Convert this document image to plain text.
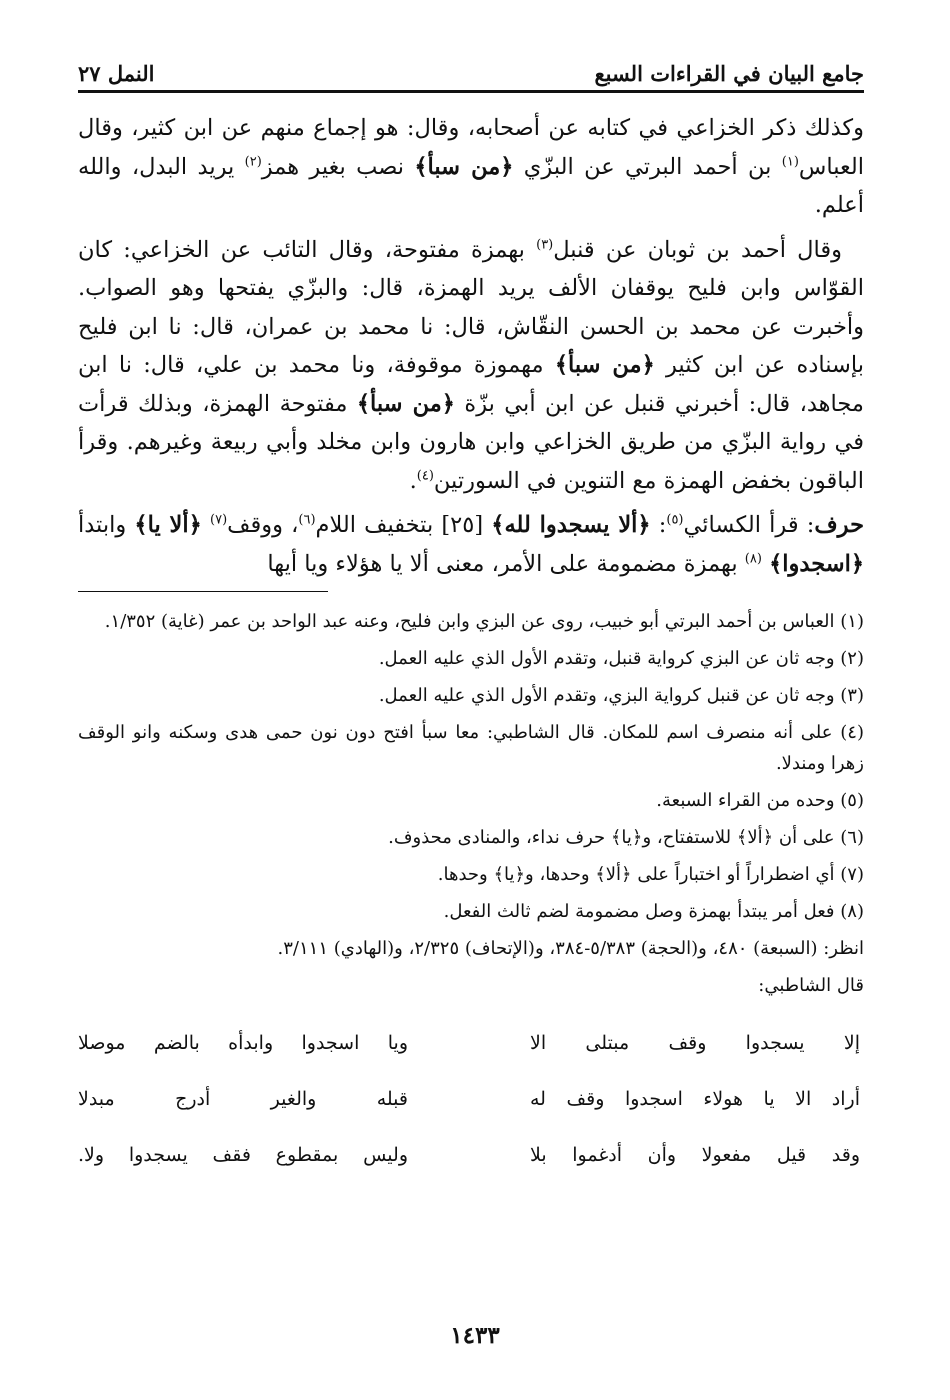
جامع البيان في القراءات السبع
النمل ٢٧

وكذلك ذكر الخزاعي في كتابه عن أصحابه، وقال: هو إجماع منهم عن ابن كثير، وقال العباس$^{(١)}$ بن أحمد البرتي عن البزّي ﴿من سبأ﴾ نصب بغير همز$^{(٢)}$ يريد البدل، والله أعلم.

وقال أحمد بن ثوبان عن قنبل$^{(٣)}$ بهمزة مفتوحة، وقال التائب عن الخزاعي: كان القوّاس وابن فليح يوقفان الألف يريد الهمزة، قال: والبزّي يفتحها وهو الصواب. وأخبرت عن محمد بن الحسن النقّاش، قال: نا محمد بن عمران، قال: نا ابن فليح بإسناده عن ابن كثير ﴿من سبأ﴾ مهموزة موقوفة، ونا محمد بن علي، قال: نا ابن مجاهد، قال: أخبرني قنبل عن ابن أبي بزّة ﴿من سبأ﴾ مفتوحة الهمزة، وبذلك قرأت في رواية البزّي من طريق الخزاعي وابن هارون وابن مخلد وأبي ربيعة وغيرهم. وقرأ الباقون بخفض الهمزة مع التنوين في السورتين$^{(٤)}$.

حرف: قرأ الكسائي$^{(٥)}$: ﴿ألا يسجدوا لله﴾ [٢٥] بتخفيف اللام$^{(٦)}$، ووقف$^{(٧)}$ ﴿ألا يا﴾ وابتدأ ﴿اسجدوا﴾ $^{(٨)}$ بهمزة مضمومة على الأمر، معنى ألا يا هؤلاء ويا أيها

(١) العباس بن أحمد البرتي أبو خبيب، روى عن البزي وابن فليح، وعنه عبد الواحد بن عمر (غاية) ١/٣٥٢.
(٢) وجه ثان عن البزي كرواية قنبل، وتقدم الأول الذي عليه العمل.
(٣) وجه ثان عن قنبل كرواية البزي، وتقدم الأول الذي عليه العمل.
(٤) على أنه منصرف اسم للمكان. قال الشاطبي: معا سبأ افتح دون نون حمى هدى وسكنه وانو الوقف زهرا ومندلا.
(٥) وحده من القراء السبعة.
(٦) على أن ﴿ألا﴾ للاستفتاح، و﴿يا﴾ حرف نداء، والمنادى محذوف.
(٧) أي اضطراراً أو اختباراً على ﴿ألا﴾ وحدها، و﴿يا﴾ وحدها.
(٨) فعل أمر يبتدأ بهمزة وصل مضمومة لضم ثالث الفعل.
انظر: (السبعة) ٤٨٠، و(الحجة) ٥/٣٨٣-٣٨٤، و(الإتحاف) ٢/٣٢٥، و(الهادي) ٣/١١١.
قال الشاطبي:
إلا يسجدوا وقف مبتلى الا
ويا اسجدوا وابدأه بالضم موصلا
أراد الا يا هولاء اسجدوا وقف له
قبله والغير أدرج مبدلا
وقد قيل مفعولا وأن أدغموا بلا
وليس بمقطوع فقف يسجدوا ولا.
١٤٣٣
